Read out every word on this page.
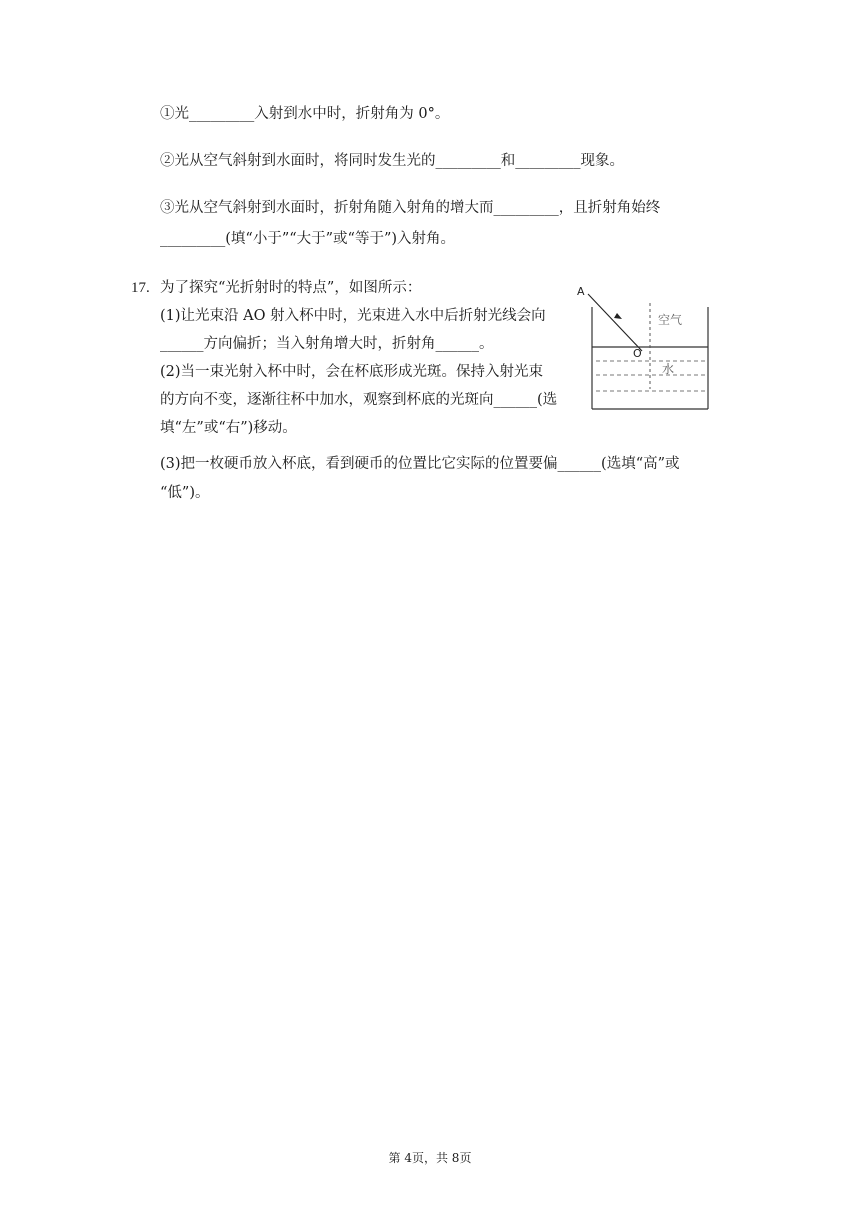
①光_________入射到水中时，折射角为 0°。
②光从空气斜射到水面时，将同时发生光的_________和_________现象。
③光从空气斜射到水面时，折射角随入射角的增大而_________，且折射角始终
_________(填“小于”“大于”或“等于”)入射角。
17. 为了探究“光折射时的特点”，如图所示：
(1)让光束沿 AO 射入杯中时，光束进入水中后折射光线会向
______方向偏折；当入射角增大时，折射角______。
(2)当一束光射入杯中时，会在杯底形成光斑。保持入射光束
的方向不变，逐渐往杯中加水，观察到杯底的光斑向______(选
填“左”或“右”)移动。
(3)把一枚硬币放入杯底，看到硬币的位置比它实际的位置要偏______(选填“高”或
“低”)。
A
O
空气
水
第 4页，共 8页
